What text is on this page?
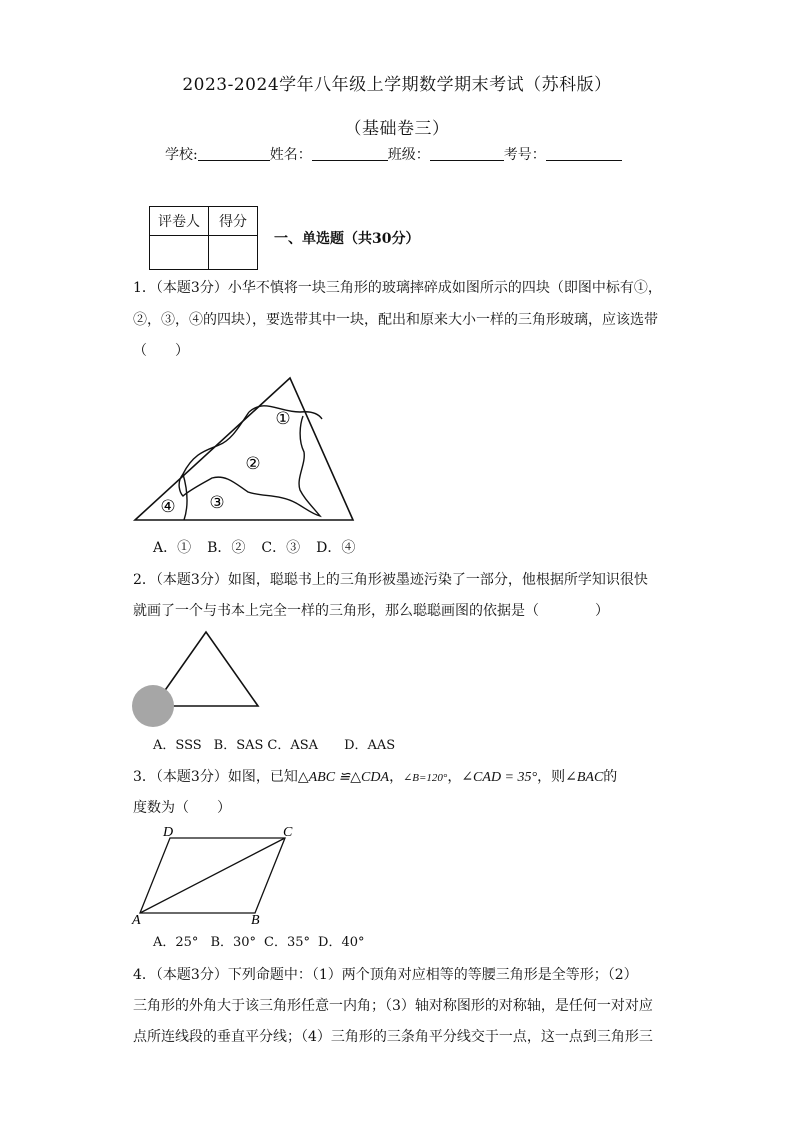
2023-2024学年八年级上学期数学期末考试（苏科版）
（基础卷三）
学校:	姓名：	班级：	考号：
评卷人	得分

一、单选题（共30分）
1．（本题3分）小华不慎将一块三角形的玻璃摔碎成如图所示的四块（即图中标有①，
②，③，④的四块），要选带其中一块，配出和原来大小一样的三角形玻璃，应该选带
（　　）
①
②
③
④
D	C
A	B
A．① B．② C．③ D．④
2．（本题3分）如图，聪聪书上的三角形被墨迹污染了一部分，他根据所学知识很快
就画了一个与书本上完全一样的三角形，那么聪聪画图的依据是（　　　　）
A．SSS B．SAS C．ASA D．AAS
3．（本题3分）如图，已知△ABC ≌△CDA，∠B=120°，∠CAD = 35°，则∠BAC的
度数为（　　）
A．25° B．30° C．35° D．40°
4．（本题3分）下列命题中：（1）两个顶角对应相等的等腰三角形是全等形；（2）
三角形的外角大于该三角形任意一内角；（3）轴对称图形的对称轴，是任何一对对应
点所连线段的垂直平分线；（4）三角形的三条角平分线交于一点，这一点到三角形三
